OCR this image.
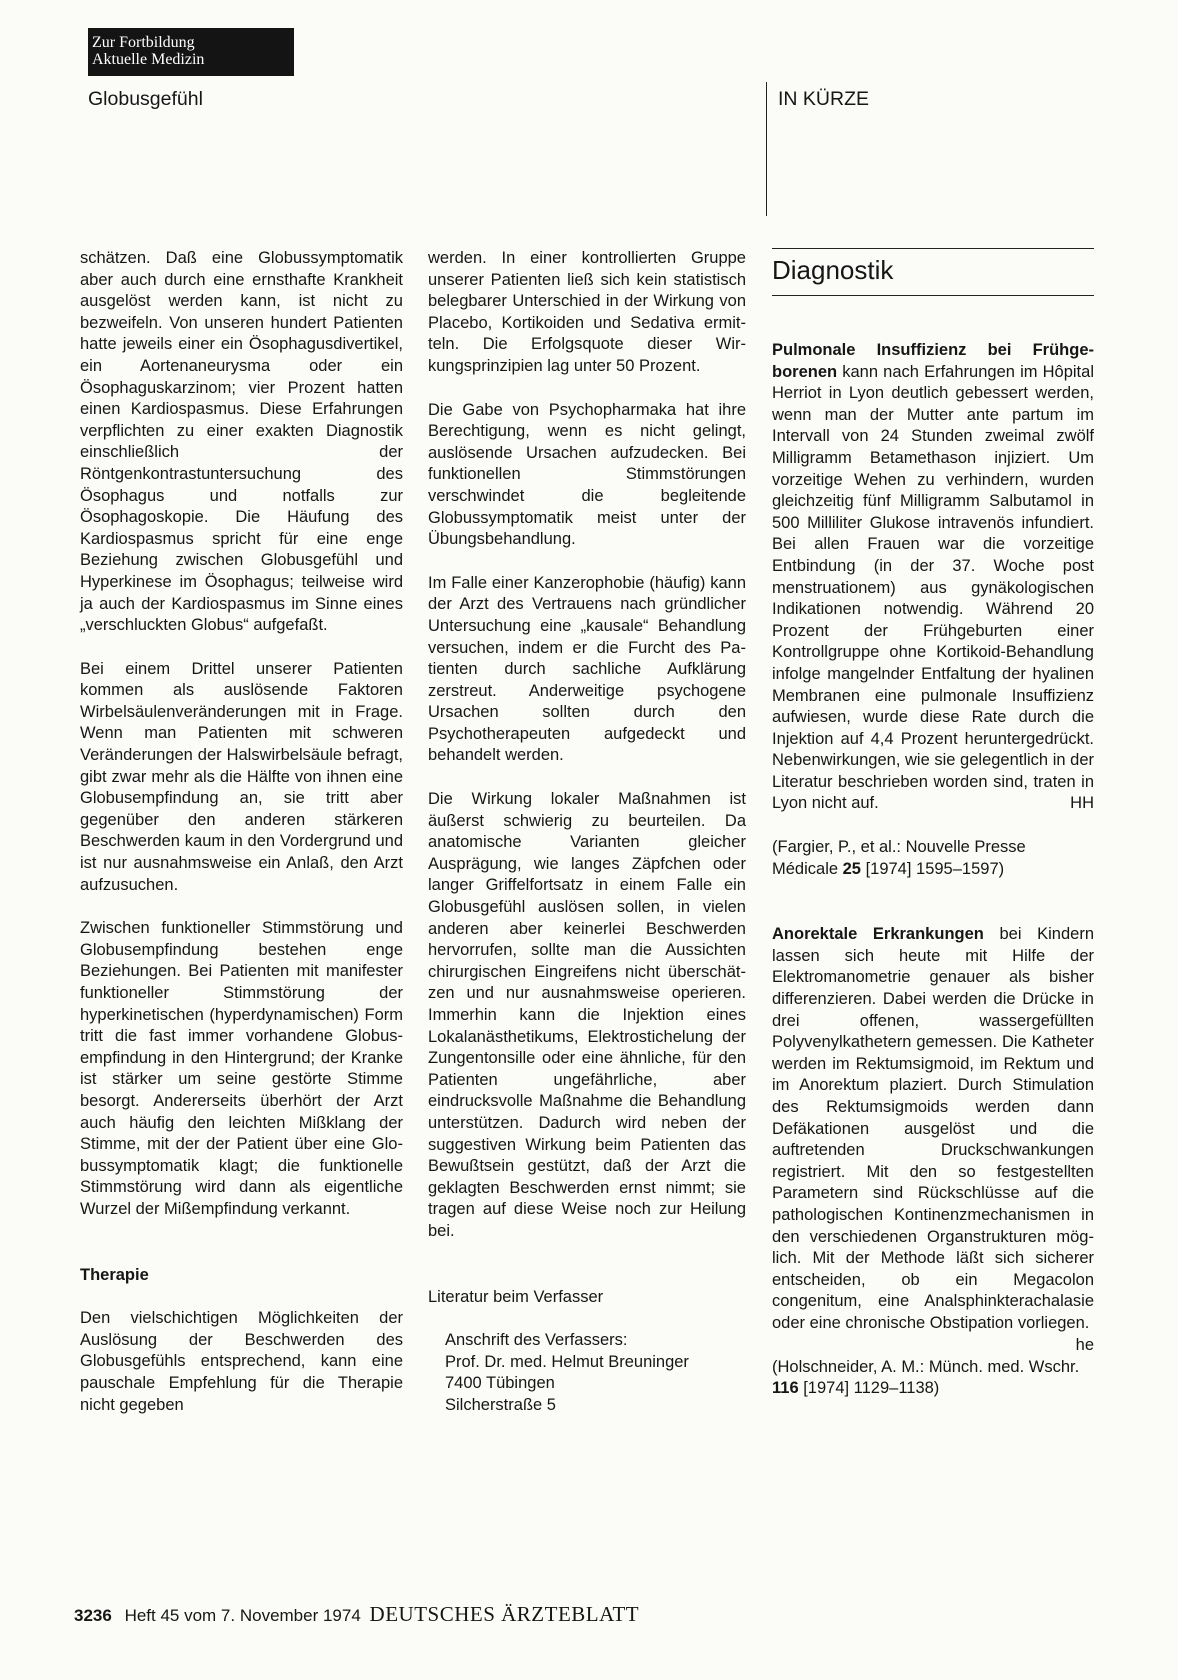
Zur Fortbildung
Aktuelle Medizin
Globusgefühl	IN KÜRZE

schätzen. Daß eine Globussymptomatik aber auch durch eine ernsthafte Krankheit ausgelöst werden kann, ist nicht zu bezweifeln. Von unseren hundert Patienten hatte jeweils einer ein Ösophagusdivertikel, ein Aortenaneurysma oder ein Ösophaguskarzinom; vier Prozent hatten einen Kardiospasmus. Diese Erfahrungen verpflichten zu einer exakten Diagnostik einschließlich der Röntgenkontrastuntersuchung des Ösophagus und notfalls zur Ösophagoskopie. Die Häufung des Kardiospasmus spricht für eine enge Beziehung zwischen Globusgefühl und Hyperkinese im Ösophagus; teilweise wird ja auch der Kardiospasmus im Sinne eines „verschluckten Globus“ aufgefaßt.

Bei einem Drittel unserer Patienten kommen als auslösende Faktoren Wirbelsäulenveränderungen mit in Frage. Wenn man Patienten mit schweren Veränderungen der Halswirbelsäule befragt, gibt zwar mehr als die Hälfte von ihnen eine Globusempfindung an, sie tritt aber gegenüber den anderen stärkeren Beschwerden kaum in den Vordergrund und ist nur ausnahmsweise ein Anlaß, den Arzt aufzusuchen.

Zwischen funktioneller Stimmstörung und Globusempfindung bestehen enge Beziehungen. Bei Patienten mit manifester funktioneller Stimmstörung der hyperkinetischen (hyperdynamischen) Form tritt die fast immer vorhandene Globusempfindung in den Hintergrund; der Kranke ist stärker um seine gestörte Stimme besorgt. Andererseits überhört der Arzt auch häufig den leichten Mißklang der Stimme, mit der der Patient über eine Globussymptomatik klagt; die funktionelle Stimmstörung wird dann als eigentliche Wurzel der Mißempfindung verkannt.

Therapie

Den vielschichtigen Möglichkeiten der Auslösung der Beschwerden des Globusgefühls entsprechend, kann eine pauschale Empfehlung für die Therapie nicht gegeben

werden. In einer kontrollierten Gruppe unserer Patienten ließ sich kein statistisch belegbarer Unterschied in der Wirkung von Placebo, Kortikoiden und Sedativa ermitteln. Die Erfolgsquote dieser Wirkungsprinzipien lag unter 50 Prozent.

Die Gabe von Psychopharmaka hat ihre Berechtigung, wenn es nicht gelingt, auslösende Ursachen aufzudecken. Bei funktionellen Stimmstörungen verschwindet die begleitende Globussymptomatik meist unter der Übungsbehandlung.

Im Falle einer Kanzerophobie (häufig) kann der Arzt des Vertrauens nach gründlicher Untersuchung eine „kausale“ Behandlung versuchen, indem er die Furcht des Patienten durch sachliche Aufklärung zerstreut. Anderweitige psychogene Ursachen sollten durch den Psychotherapeuten aufgedeckt und behandelt werden.

Die Wirkung lokaler Maßnahmen ist äußerst schwierig zu beurteilen. Da anatomische Varianten gleicher Ausprägung, wie langes Zäpfchen oder langer Griffelfortsatz in einem Falle ein Globusgefühl auslösen sollen, in vielen anderen aber keinerlei Beschwerden hervorrufen, sollte man die Aussichten chirurgischen Eingreifens nicht überschätzen und nur ausnahmsweise operieren. Immerhin kann die Injektion eines Lokalanästhetikums, Elektrostichelung der Zungentonsille oder eine ähnliche, für den Patienten ungefährliche, aber eindrucksvolle Maßnahme die Behandlung unterstützen. Dadurch wird neben der suggestiven Wirkung beim Patienten das Bewußtsein gestützt, daß der Arzt die geklagten Beschwerden ernst nimmt; sie tragen auf diese Weise noch zur Heilung bei.

Literatur beim Verfasser

Anschrift des Verfassers:
Prof. Dr. med. Helmut Breuninger
7400 Tübingen
Silcherstraße 5
Diagnostik

Pulmonale Insuffizienz bei Frühgeborenen kann nach Erfahrungen im Hôpital Herriot in Lyon deutlich gebessert werden, wenn man der Mutter ante partum im Intervall von 24 Stunden zweimal zwölf Milligramm Betamethason injiziert. Um vorzeitige Wehen zu verhindern, wurden gleichzeitig fünf Milligramm Salbutamol in 500 Milliliter Glukose intravenös infundiert. Bei allen Frauen war die vorzeitige Entbindung (in der 37. Woche post menstruationem) aus gynäkologischen Indikationen notwendig. Während 20 Prozent der Frühgeburten einer Kontrollgruppe ohne Kortikoid-Behandlung infolge mangelnder Entfaltung der hyalinen Membranen eine pulmonale Insuffizienz aufwiesen, wurde diese Rate durch die Injektion auf 4,4 Prozent heruntergedrückt. Nebenwirkungen, wie sie gelegentlich in der Literatur beschrieben worden sind, traten in Lyon nicht auf.	HH

(Fargier, P., et al.: Nouvelle Presse Médicale 25 [1974] 1595–1597)

Anorektale Erkrankungen bei Kindern lassen sich heute mit Hilfe der Elektromanometrie genauer als bisher differenzieren. Dabei werden die Drücke in drei offenen, wassergefüllten Polyvenylkathetern gemessen. Die Katheter werden im Rektumsigmoid, im Rektum und im Anorektum plaziert. Durch Stimulation des Rektumsigmoids werden dann Defäkationen ausgelöst und die auftretenden Druckschwankungen registriert. Mit den so festgestellten Parametern sind Rückschlüsse auf die pathologischen Kontinenzmechanismen in den verschiedenen Organstrukturen möglich. Mit der Methode läßt sich sicherer entscheiden, ob ein Megacolon congenitum, eine Analsphinkterachalasie oder eine chronische Obstipation vorliegen.
he

(Holschneider, A. M.: Münch. med. Wschr. 116 [1974] 1129–1138)

3236 Heft 45 vom 7. November 1974 DEUTSCHES ÄRZTEBLATT
